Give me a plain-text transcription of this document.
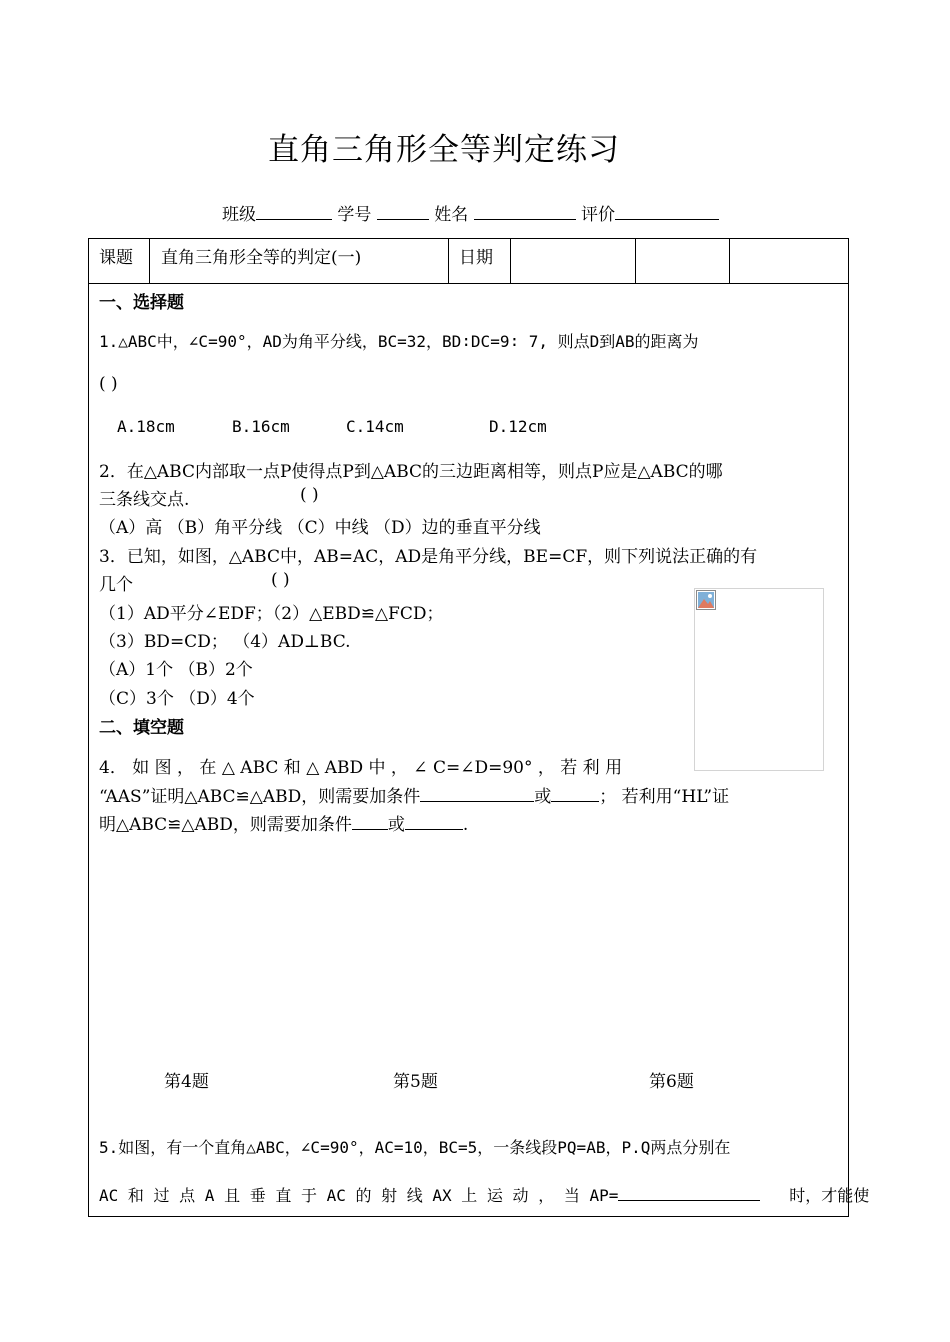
直角三角形全等判定练习
班级	学号	姓名	评价
课题 直角三角形全等的判定(一)	日期
一、选择题
1.△ABC中，∠C=90°，AD为角平分线，BC=32，BD∶DC=9∶ 7, 则点D到AB的距离为
( )
A.18cm	B.16cm	C.14cm	D.12cm
2．在△ABC内部取一点P使得点P到△ABC的三边距离相等，则点P应是△ABC的哪
三条线交点.	( )
（A）高 （B）角平分线 （C）中线 （D）边的垂直平分线
3．已知，如图，△ABC中，AB=AC，AD是角平分线，BE=CF，则下列说法正确的有
几个	( )
（1）AD平分∠EDF；（2）△EBD≌△FCD；
（3）BD=CD； （4）AD⊥BC.
（A）1个 （B）2个
（C）3个 （D）4个
二、填空题
4． 如 图 ， 在 △ ABC 和 △ ABD 中 ， ∠ C=∠D=90° ， 若 利 用
“AAS”证明△ABC≌△ABD，则需要加条件	或	； 若利用“HL”证
明△ABC≌△ABD，则需要加条件 或	.
第4题	第5题	第6题
5.如图，有一个直角△ABC，∠C=90°，AC=10，BC=5，一条线段PQ=AB，P.Q两点分别在
AC 和 过 点 A 且 垂 直 于 AC 的 射 线 AX 上 运 动 ， 当 AP=	时，才能使
